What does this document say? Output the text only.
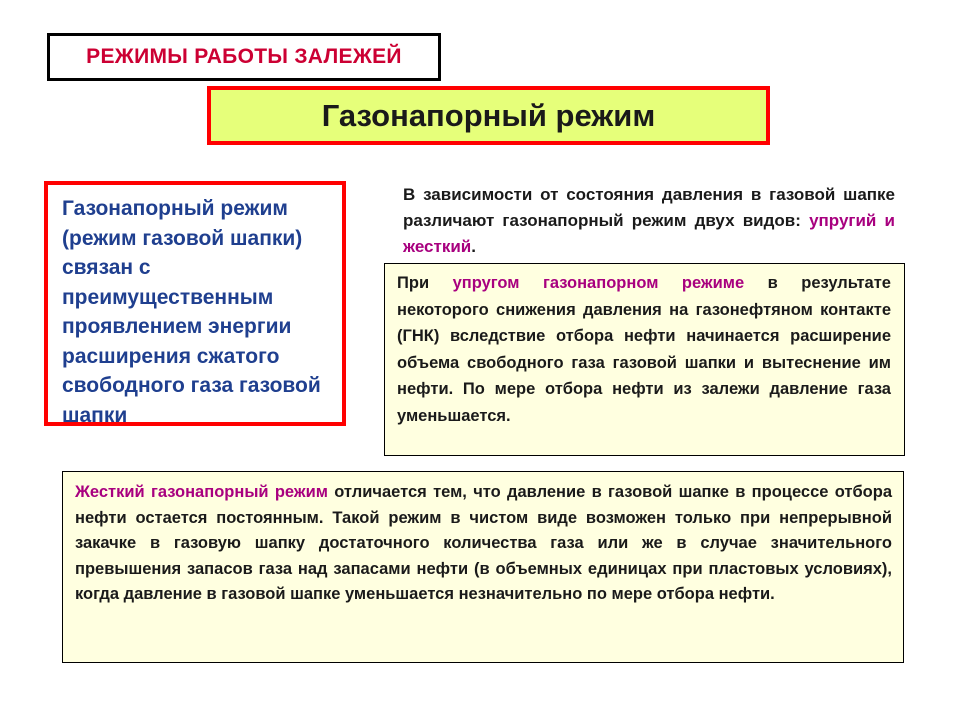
РЕЖИМЫ РАБОТЫ ЗАЛЕЖЕЙ
Газонапорный режим

Газонапорный режим (режим газовой шапки) связан с преимущественным проявлением энергии расширения сжатого свободного газа газовой шапки

В зависимости от состояния давления в газовой шапке различают газонапорный режим двух видов: упругий и жесткий.

При упругом газонапорном режиме в результате некоторого снижения давления на газонефтяном контакте (ГНК) вследствие отбора нефти начинается расширение объема свободного газа газовой шапки и вытеснение им нефти. По мере отбора нефти из залежи давление газа уменьшается.

Жесткий газонапорный режим отличается тем, что давление в газовой шапке в процессе отбора нефти остается постоянным. Такой режим в чистом виде возможен только при непрерывной закачке в газовую шапку достаточного количества газа или же в случае значительного превышения запасов газа над запасами нефти (в объемных единицах при пластовых условиях), когда давление в газовой шапке уменьшается незначительно по мере отбора нефти.
